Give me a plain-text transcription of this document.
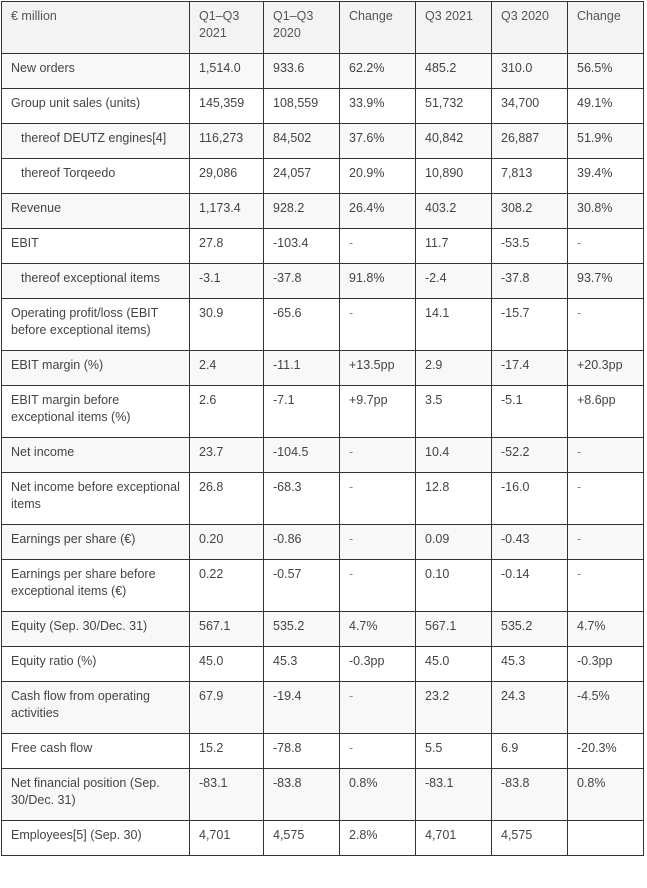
€ million	Q1–Q3 2021	Q1–Q3 2020	Change	Q3 2021	Q3 2020	Change
New orders	1,514.0	933.6	62.2%	485.2	310.0	56.5%
Group unit sales (units)	145,359	108,559	33.9%	51,732	34,700	49.1%
thereof DEUTZ engines[4]	116,273	84,502	37.6%	40,842	26,887	51.9%
thereof Torqeedo	29,086	24,057	20.9%	10,890	7,813	39.4%
Revenue	1,173.4	928.2	26.4%	403.2	308.2	30.8%
EBIT	27.8	-103.4	-	11.7	-53.5	-
thereof exceptional items	-3.1	-37.8	91.8%	-2.4	-37.8	93.7%
Operating profit/loss (EBIT before exceptional items)	30.9	-65.6	-	14.1	-15.7	-
EBIT margin (%)	2.4	-11.1	+13.5pp	2.9	-17.4	+20.3pp
EBIT margin before exceptional items (%)	2.6	-7.1	+9.7pp	3.5	-5.1	+8.6pp
Net income	23.7	-104.5	-	10.4	-52.2	-
Net income before exceptional items	26.8	-68.3	-	12.8	-16.0	-
Earnings per share (€)	0.20	-0.86	-	0.09	-0.43	-
Earnings per share before exceptional items (€)	0.22	-0.57	-	0.10	-0.14	-
Equity (Sep. 30/Dec. 31)	567.1	535.2	4.7%	567.1	535.2	4.7%
Equity ratio (%)	45.0	45.3	-0.3pp	45.0	45.3	-0.3pp
Cash flow from operating activities	67.9	-19.4	-	23.2	24.3	-4.5%
Free cash flow	15.2	-78.8	-	5.5	6.9	-20.3%
Net financial position (Sep. 30/Dec. 31)	-83.1	-83.8	0.8%	-83.1	-83.8	0.8%
Employees[5] (Sep. 30)	4,701	4,575	2.8%	4,701	4,575	
